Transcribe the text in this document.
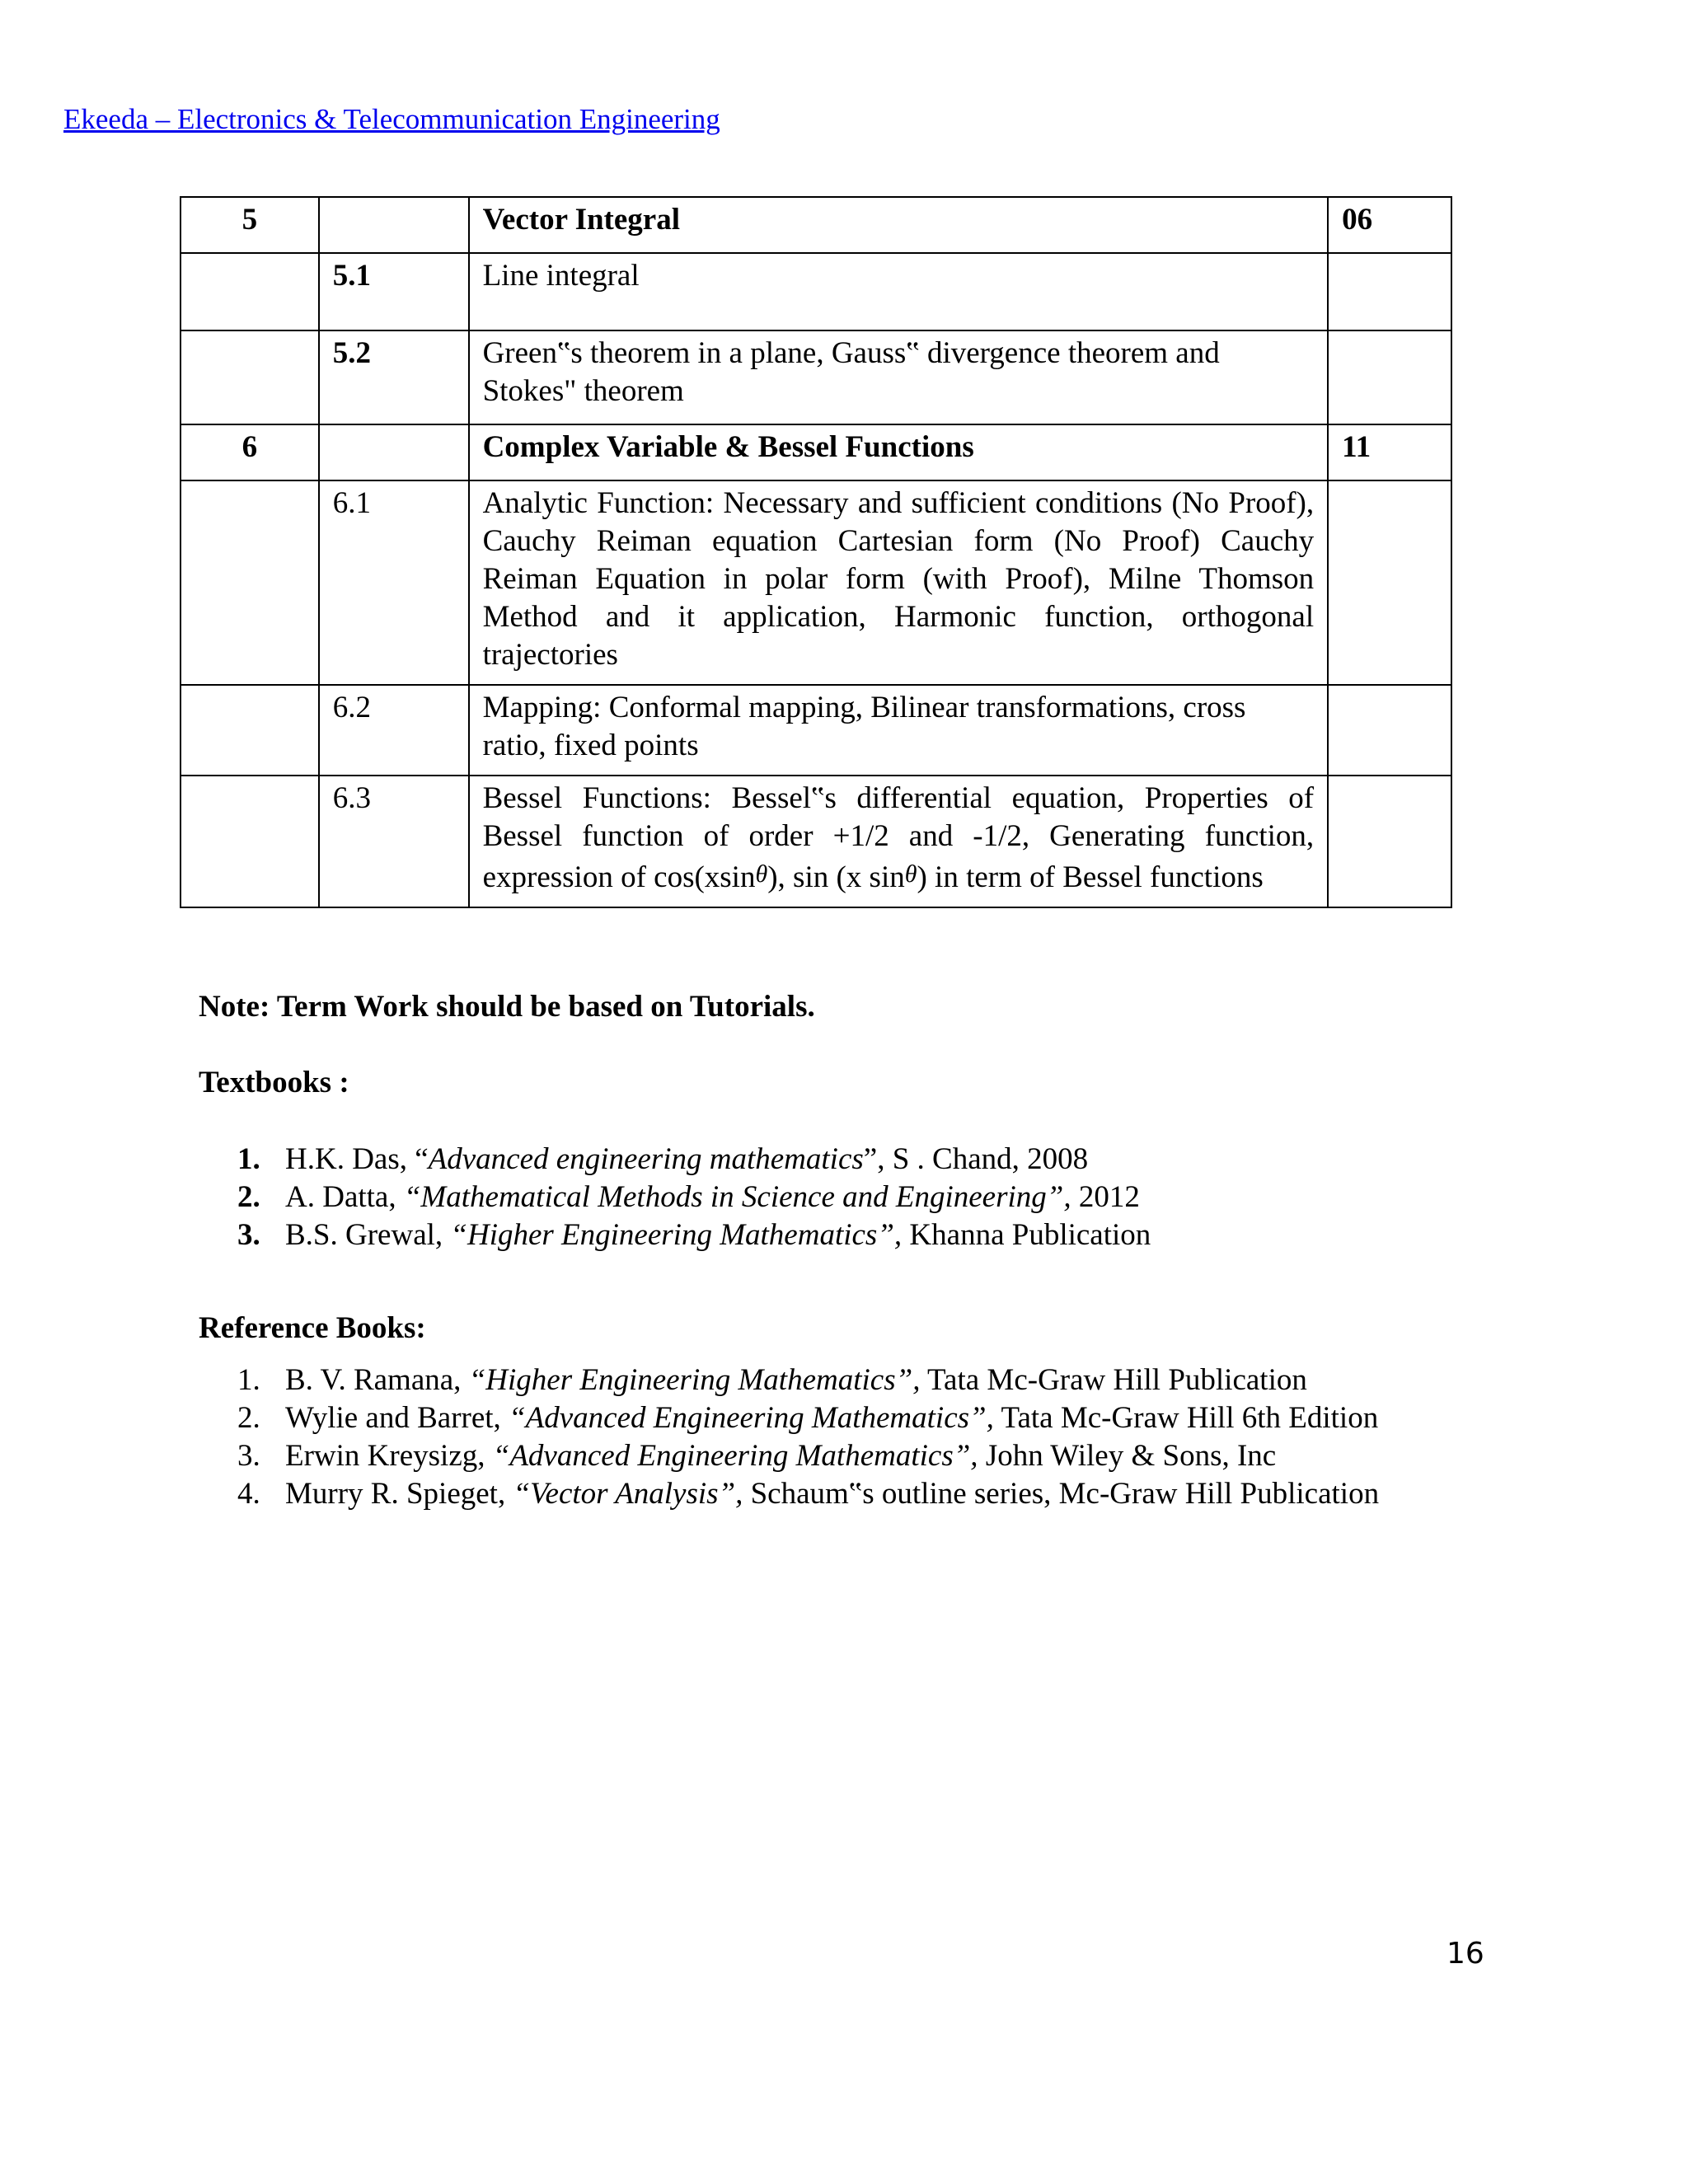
Ekeeda – Electronics & Telecommunication Engineering
5		Vector Integral	06
	5.1	Line integral	
	5.2	Green‟s theorem in a plane, Gauss‟ divergence theorem and Stokes" theorem	
6		Complex Variable & Bessel Functions	11
	6.1	Analytic Function: Necessary and sufficient conditions (No Proof), Cauchy Reiman equation Cartesian form (No Proof) Cauchy Reiman Equation in polar form (with Proof), Milne Thomson Method and it application, Harmonic function, orthogonal trajectories	
	6.2	Mapping: Conformal mapping, Bilinear transformations, cross ratio, fixed points	
	6.3	Bessel Functions: Bessel‟s differential equation, Properties of Bessel function of order +1/2 and -1/2, Generating function, expression of cos(xsinθ), sin (x sinθ) in term of Bessel functions	
Note: Term Work should be based on Tutorials.
Textbooks :
1. H.K. Das, “Advanced engineering mathematics”, S . Chand, 2008
2. A. Datta, “Mathematical Methods in Science and Engineering”, 2012
3. B.S. Grewal, “Higher Engineering Mathematics”, Khanna Publication
Reference Books:
1. B. V. Ramana, “Higher Engineering Mathematics”, Tata Mc-Graw Hill Publication
2. Wylie and Barret, “Advanced Engineering Mathematics”, Tata Mc-Graw Hill 6th Edition
3. Erwin Kreysizg, “Advanced Engineering Mathematics”, John Wiley & Sons, Inc
4. Murry R. Spieget, “Vector Analysis”, Schaum‟s outline series, Mc-Graw Hill Publication
16
